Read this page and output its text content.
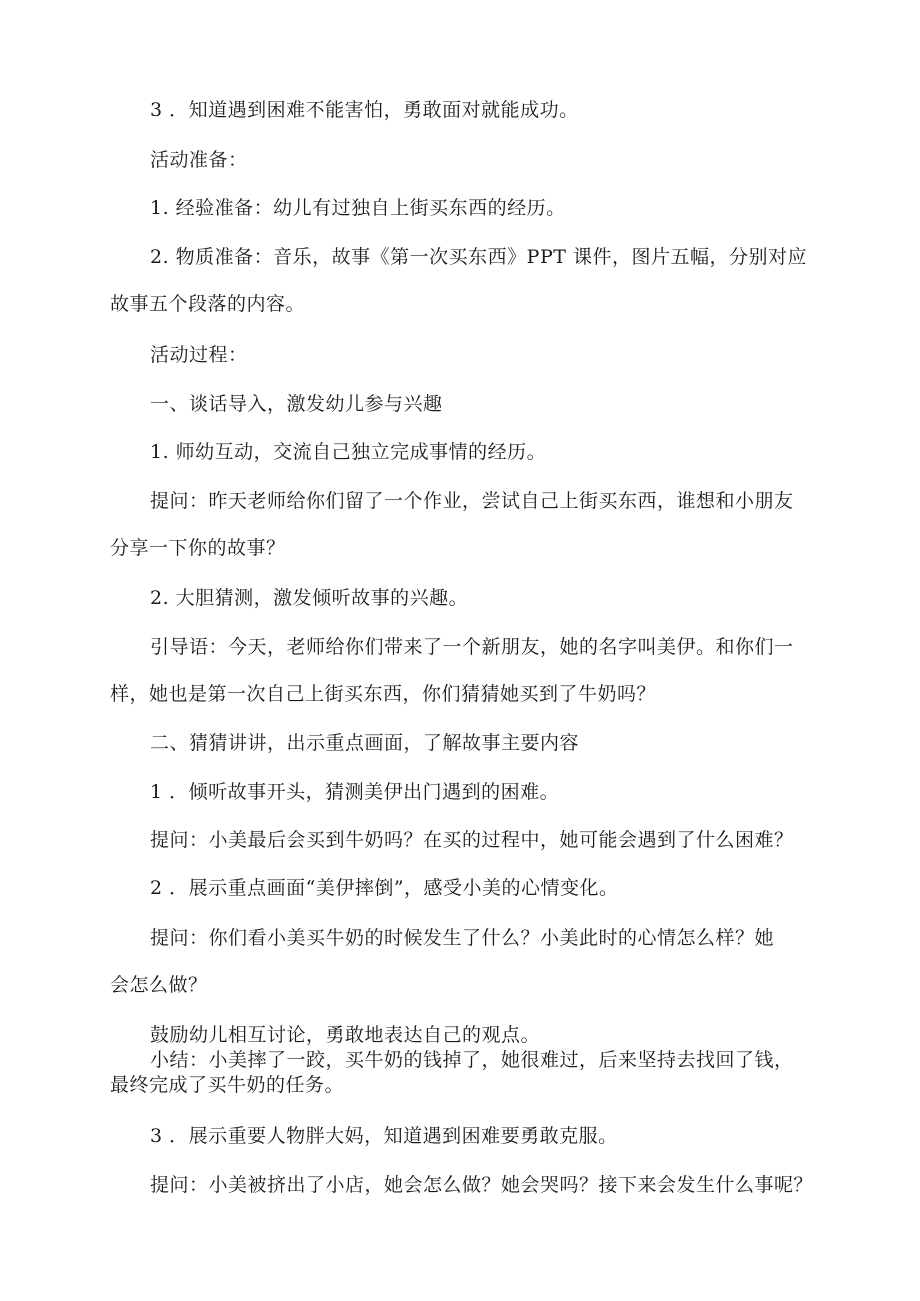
3 ．知道遇到困难不能害怕，勇敢面对就能成功。
活动准备：
1. 经验准备：幼儿有过独自上街买东西的经历。
2. 物质准备：音乐，故事《第一次买东西》PPT 课件，图片五幅，分别对应
故事五个段落的内容。
活动过程：
一、谈话导入，激发幼儿参与兴趣
1. 师幼互动，交流自己独立完成事情的经历。
提问：昨天老师给你们留了一个作业，尝试自己上街买东西，谁想和小朋友
分享一下你的故事？
2. 大胆猜测，激发倾听故事的兴趣。
引导语：今天，老师给你们带来了一个新朋友，她的名字叫美伊。和你们一
样，她也是第一次自己上街买东西，你们猜猜她买到了牛奶吗？
二、猜猜讲讲，出示重点画面，了解故事主要内容
1 ．倾听故事开头，猜测美伊出门遇到的困难。
提问：小美最后会买到牛奶吗？在买的过程中，她可能会遇到了什么困难？
2 ．展示重点画面“美伊摔倒”，感受小美的心情变化。
提问：你们看小美买牛奶的时候发生了什么？小美此时的心情怎么样？她
会怎么做？
鼓励幼儿相互讨论，勇敢地表达自己的观点。
小结：小美摔了一跤，买牛奶的钱掉了，她很难过，后来坚持去找回了钱，
最终完成了买牛奶的任务。
3 ．展示重要人物胖大妈，知道遇到困难要勇敢克服。
提问：小美被挤出了小店，她会怎么做？她会哭吗？接下来会发生什么事呢？
